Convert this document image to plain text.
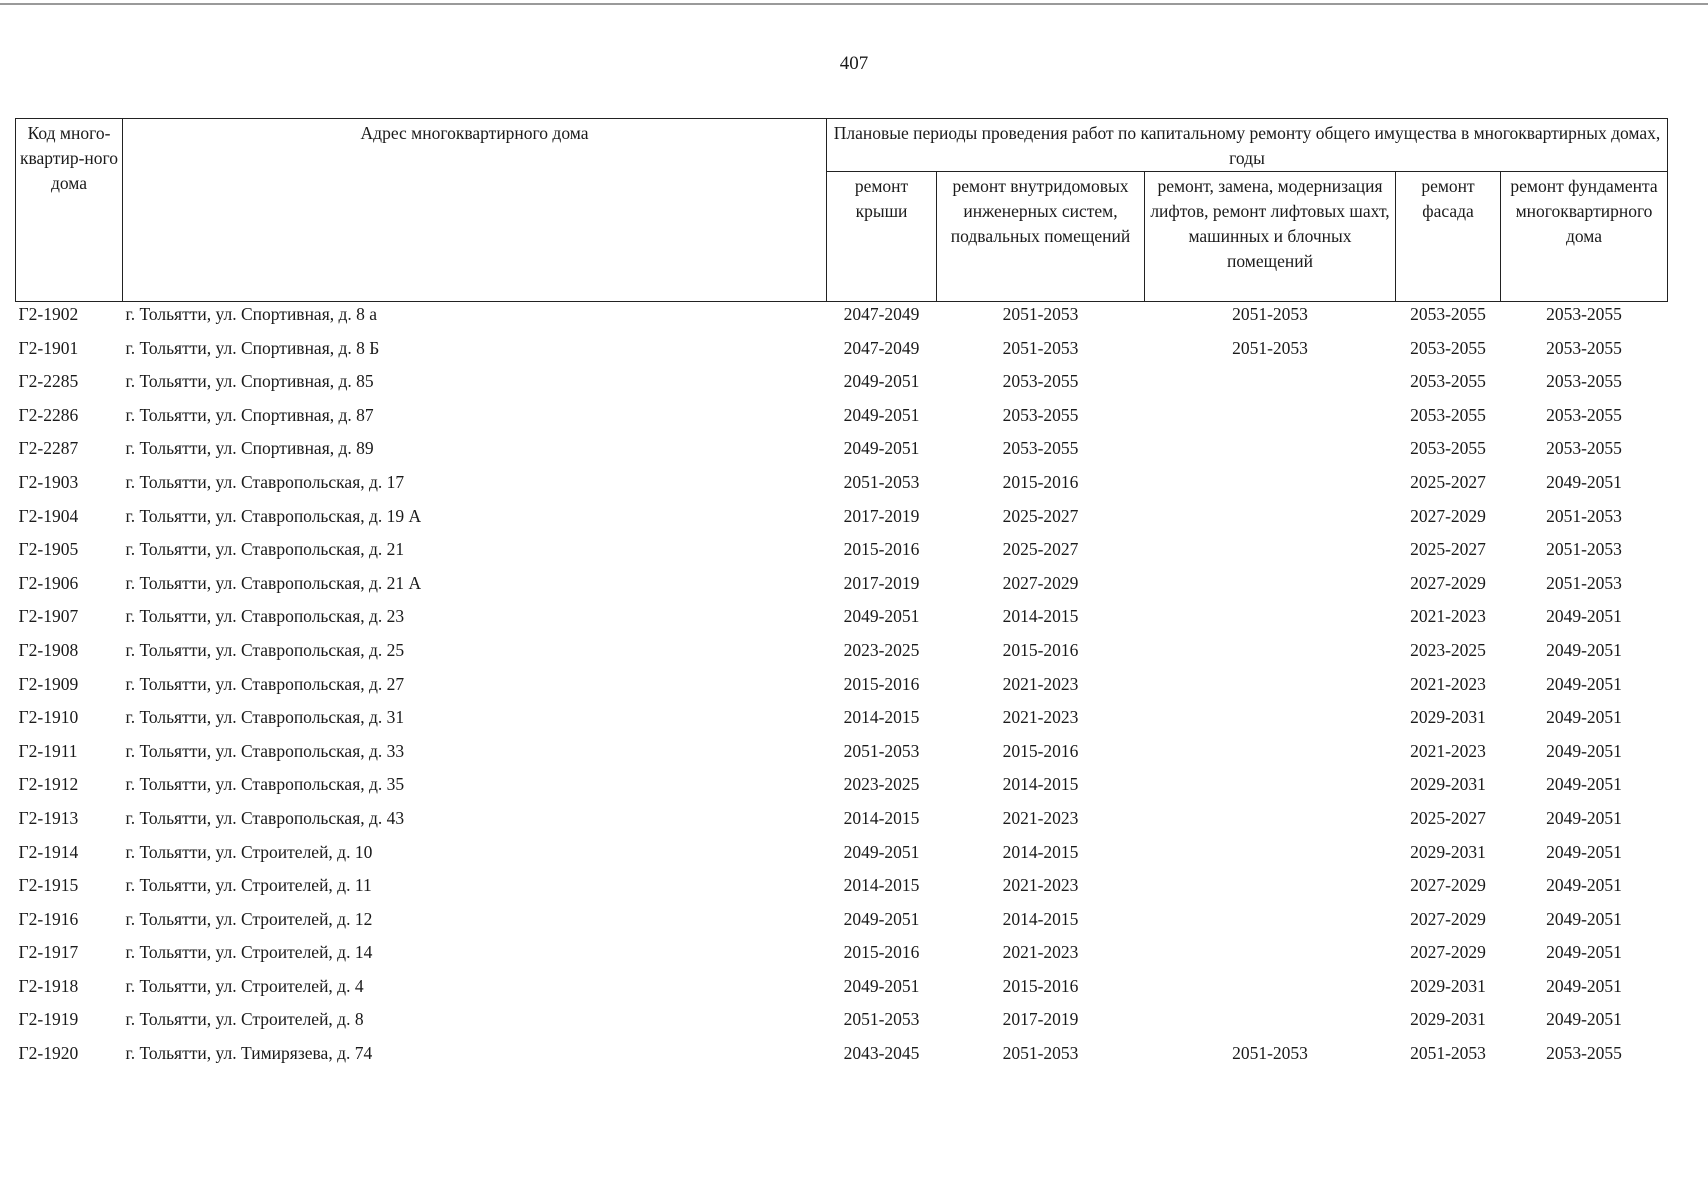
407
Код много-квартир-ного дома	Адрес многоквартирного дома	Плановые периоды проведения работ по капитальному ремонту общего имущества в многоквартирных домах, годы				
		ремонт крыши	ремонт внутридомовых инженерных систем, подвальных помещений	ремонт, замена, модернизация лифтов, ремонт лифтовых шахт, машинных и блочных помещений	ремонт фасада	ремонт фундамента многоквартирного дома
Г2-1902	г. Тольятти, ул. Спортивная, д. 8 а	2047-2049	2051-2053	2051-2053	2053-2055	2053-2055
Г2-1901	г. Тольятти, ул. Спортивная, д. 8 Б	2047-2049	2051-2053	2051-2053	2053-2055	2053-2055
Г2-2285	г. Тольятти, ул. Спортивная, д. 85	2049-2051	2053-2055		2053-2055	2053-2055
Г2-2286	г. Тольятти, ул. Спортивная, д. 87	2049-2051	2053-2055		2053-2055	2053-2055
Г2-2287	г. Тольятти, ул. Спортивная, д. 89	2049-2051	2053-2055		2053-2055	2053-2055
Г2-1903	г. Тольятти, ул. Ставропольская, д. 17	2051-2053	2015-2016		2025-2027	2049-2051
Г2-1904	г. Тольятти, ул. Ставропольская, д. 19 А	2017-2019	2025-2027		2027-2029	2051-2053
Г2-1905	г. Тольятти, ул. Ставропольская, д. 21	2015-2016	2025-2027		2025-2027	2051-2053
Г2-1906	г. Тольятти, ул. Ставропольская, д. 21 А	2017-2019	2027-2029		2027-2029	2051-2053
Г2-1907	г. Тольятти, ул. Ставропольская, д. 23	2049-2051	2014-2015		2021-2023	2049-2051
Г2-1908	г. Тольятти, ул. Ставропольская, д. 25	2023-2025	2015-2016		2023-2025	2049-2051
Г2-1909	г. Тольятти, ул. Ставропольская, д. 27	2015-2016	2021-2023		2021-2023	2049-2051
Г2-1910	г. Тольятти, ул. Ставропольская, д. 31	2014-2015	2021-2023		2029-2031	2049-2051
Г2-1911	г. Тольятти, ул. Ставропольская, д. 33	2051-2053	2015-2016		2021-2023	2049-2051
Г2-1912	г. Тольятти, ул. Ставропольская, д. 35	2023-2025	2014-2015		2029-2031	2049-2051
Г2-1913	г. Тольятти, ул. Ставропольская, д. 43	2014-2015	2021-2023		2025-2027	2049-2051
Г2-1914	г. Тольятти, ул. Строителей, д. 10	2049-2051	2014-2015		2029-2031	2049-2051
Г2-1915	г. Тольятти, ул. Строителей, д. 11	2014-2015	2021-2023		2027-2029	2049-2051
Г2-1916	г. Тольятти, ул. Строителей, д. 12	2049-2051	2014-2015		2027-2029	2049-2051
Г2-1917	г. Тольятти, ул. Строителей, д. 14	2015-2016	2021-2023		2027-2029	2049-2051
Г2-1918	г. Тольятти, ул. Строителей, д. 4	2049-2051	2015-2016		2029-2031	2049-2051
Г2-1919	г. Тольятти, ул. Строителей, д. 8	2051-2053	2017-2019		2029-2031	2049-2051
Г2-1920	г. Тольятти, ул. Тимирязева, д. 74	2043-2045	2051-2053	2051-2053	2051-2053	2053-2055
